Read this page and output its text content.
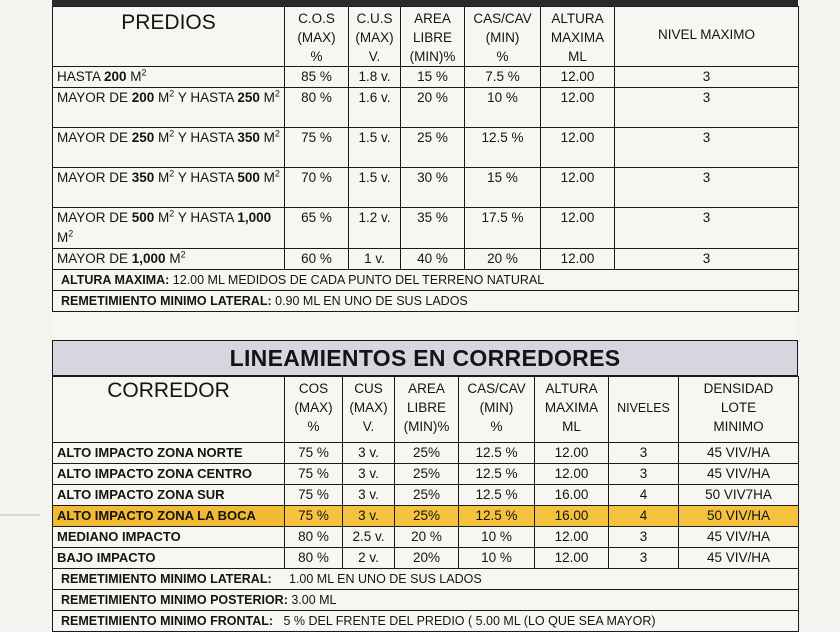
PREDIOS	C.O.S
(MAX)
%	C.U.S
(MAX)
V.	AREA
LIBRE
(MIN)%	CAS/CAV
(MIN)
%	ALTURA
MAXIMA
ML	NIVEL MAXIMO
HASTA 200 $M^2$	85 %	1.8 v.	15 %	7.5 %	12.00	3
MAYOR DE 200 $M^2$ Y HASTA 250 $M^2$	80 %	1.6 v.	20 %	10 %	12.00	3
MAYOR DE 250 $M^2$ Y HASTA 350 $M^2$	75 %	1.5 v.	25 %	12.5 %	12.00	3
MAYOR DE 350 $M^2$ Y HASTA 500 $M^2$	70 %	1.5 v.	30 %	15 %	12.00	3
MAYOR DE 500 $M^2$ Y HASTA 1,000 $M^2$	65 %	1.2 v.	35 %	17.5 %	12.00	3
MAYOR DE 1,000 $M^2$	60 %	1 v.	40 %	20 %	12.00	3
ALTURA MAXIMA: 12.00 ML MEDIDOS DE CADA PUNTO DEL TERRENO NATURAL						
REMETIMIENTO MINIMO LATERAL: 0.90 ML EN UNO DE SUS LADOS						
LINEAMIENTOS EN CORREDORES
CORREDOR	COS
(MAX)
%	CUS
(MAX)
V.	AREA
LIBRE
(MIN)%	CAS/CAV
(MIN)
%	ALTURA
MAXIMA
ML	NIVELES	DENSIDAD
LOTE
MINIMO
ALTO IMPACTO ZONA NORTE	75 %	3 v.	25%	12.5 %	12.00	3	45 VIV/HA
ALTO IMPACTO ZONA CENTRO	75 %	3 v.	25%	12.5 %	12.00	3	45 VIV/HA
ALTO IMPACTO ZONA SUR	75 %	3 v.	25%	12.5 %	16.00	4	50 VIV7HA
ALTO IMPACTO ZONA LA BOCA	75 %	3 v.	25%	12.5 %	16.00	4	50 VIV/HA
MEDIANO IMPACTO	80 %	2.5 v.	20 %	10 %	12.00	3	45 VIV/HA
BAJO IMPACTO	80 %	2 v.	20%	10 %	12.00	3	45 VIV/HA
REMETIMIENTO MINIMO LATERAL:     1.00 ML EN UNO DE SUS LADOS							
REMETIMIENTO MINIMO POSTERIOR: 3.00 ML							
REMETIMIENTO MINIMO FRONTAL:   5 % DEL FRENTE DEL PREDIO ( 5.00 ML (LO QUE SEA MAYOR)							
